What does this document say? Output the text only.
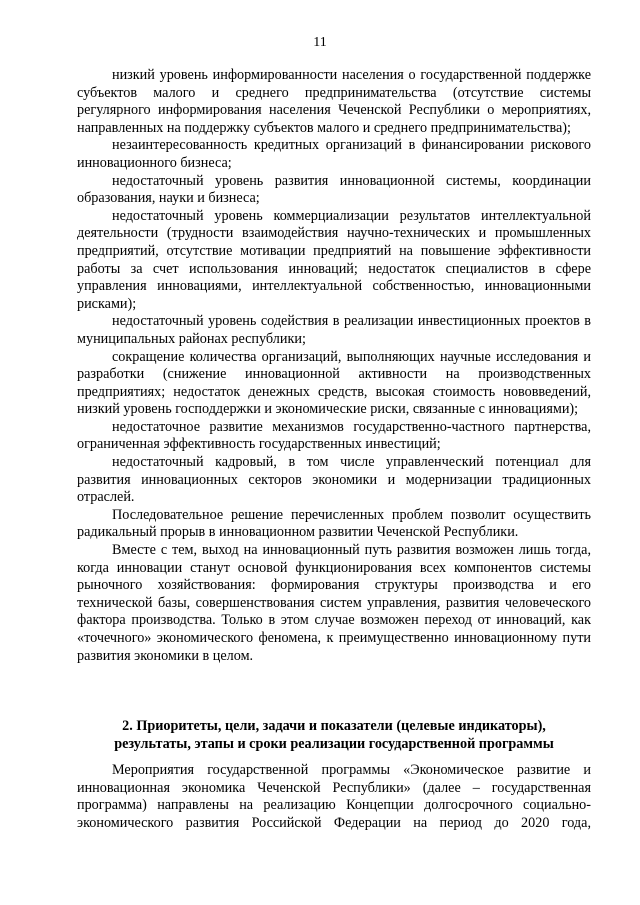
11

низкий уровень информированности населения о государственной поддержке субъектов малого и среднего предпринимательства (отсутствие системы регулярного информирования населения Чеченской Республики о мероприятиях, направленных на поддержку субъектов малого и среднего предпринимательства);

незаинтересованность кредитных организаций в финансировании рискового инновационного бизнеса;

недостаточный уровень развития инновационной системы, координации образования, науки и бизнеса;

недостаточный уровень коммерциализации результатов интеллектуальной деятельности (трудности взаимодействия научно-технических и промышленных предприятий, отсутствие мотивации предприятий на повышение эффективности работы за счет использования инноваций; недостаток специалистов в сфере управления инновациями, интеллектуальной собственностью, инновационными рисками);

недостаточный уровень содействия в реализации инвестиционных проектов в муниципальных районах республики;

сокращение количества организаций, выполняющих научные исследования и разработки (снижение инновационной активности на производственных предприятиях; недостаток денежных средств, высокая стоимость нововведений, низкий уровень господдержки и экономические риски, связанные с инновациями);

недостаточное развитие механизмов государственно-частного партнерства, ограниченная эффективность государственных инвестиций;

недостаточный кадровый, в том числе управленческий потенциал для развития инновационных секторов экономики и модернизации традиционных отраслей.

Последовательное решение перечисленных проблем позволит осуществить радикальный прорыв в инновационном развитии Чеченской Республики.

Вместе с тем, выход на инновационный путь развития возможен лишь тогда, когда инновации станут основой функционирования всех компонентов системы рыночного хозяйствования: формирования структуры производства и его технической базы, совершенствования систем управления, развития человеческого фактора производства. Только в этом случае возможен переход от инноваций, как «точечного» экономического феномена, к преимущественно инновационному пути развития экономики в целом.

2. Приоритеты, цели, задачи и показатели (целевые индикаторы),
результаты, этапы и сроки реализации государственной программы

Мероприятия государственной программы «Экономическое развитие и инновационная экономика Чеченской Республики» (далее – государственная программа) направлены на реализацию Концепции долгосрочного социально-экономического развития Российской Федерации на период до 2020 года,
